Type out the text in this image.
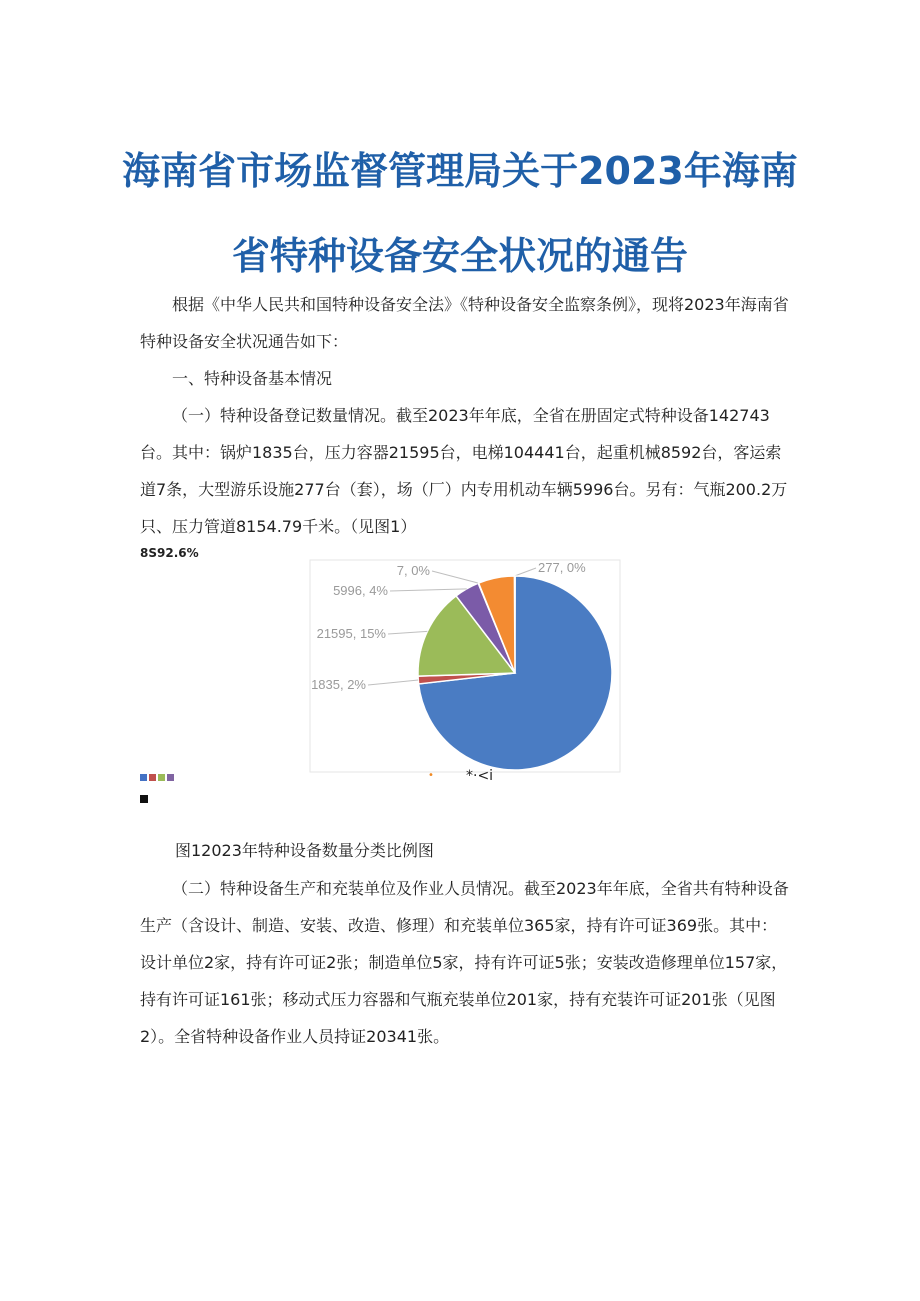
海南省市场监督管理局关于2023年海南
省特种设备安全状况的通告

根据《中华人民共和国特种设备安全法》《特种设备安全监察条例》，现将2023年海南省特种设备安全状况通告如下：

一、特种设备基本情况

（一）特种设备登记数量情况。截至2023年年底，全省在册固定式特种设备142743台。其中：锅炉1835台，压力容器21595台，电梯104441台，起重机械8592台，客运索道7条，大型游乐设施277台（套），场（厂）内专用机动车辆5996台。另有：气瓶200.2万只、压力管道8154.79千米。（见图1）

8S92.6%
277, 0%
1835, 2%
21595, 15%
5996, 4%
7, 0%
• *·<i
图12023年特种设备数量分类比例图

（二）特种设备生产和充装单位及作业人员情况。截至2023年年底，全省共有特种设备生产（含设计、制造、安装、改造、修理）和充装单位365家，持有许可证369张。其中：设计单位2家，持有许可证2张；制造单位5家，持有许可证5张；安装改造修理单位157家，持有许可证161张；移动式压力容器和气瓶充装单位201家，持有充装许可证201张（见图2）。全省特种设备作业人员持证20341张。
